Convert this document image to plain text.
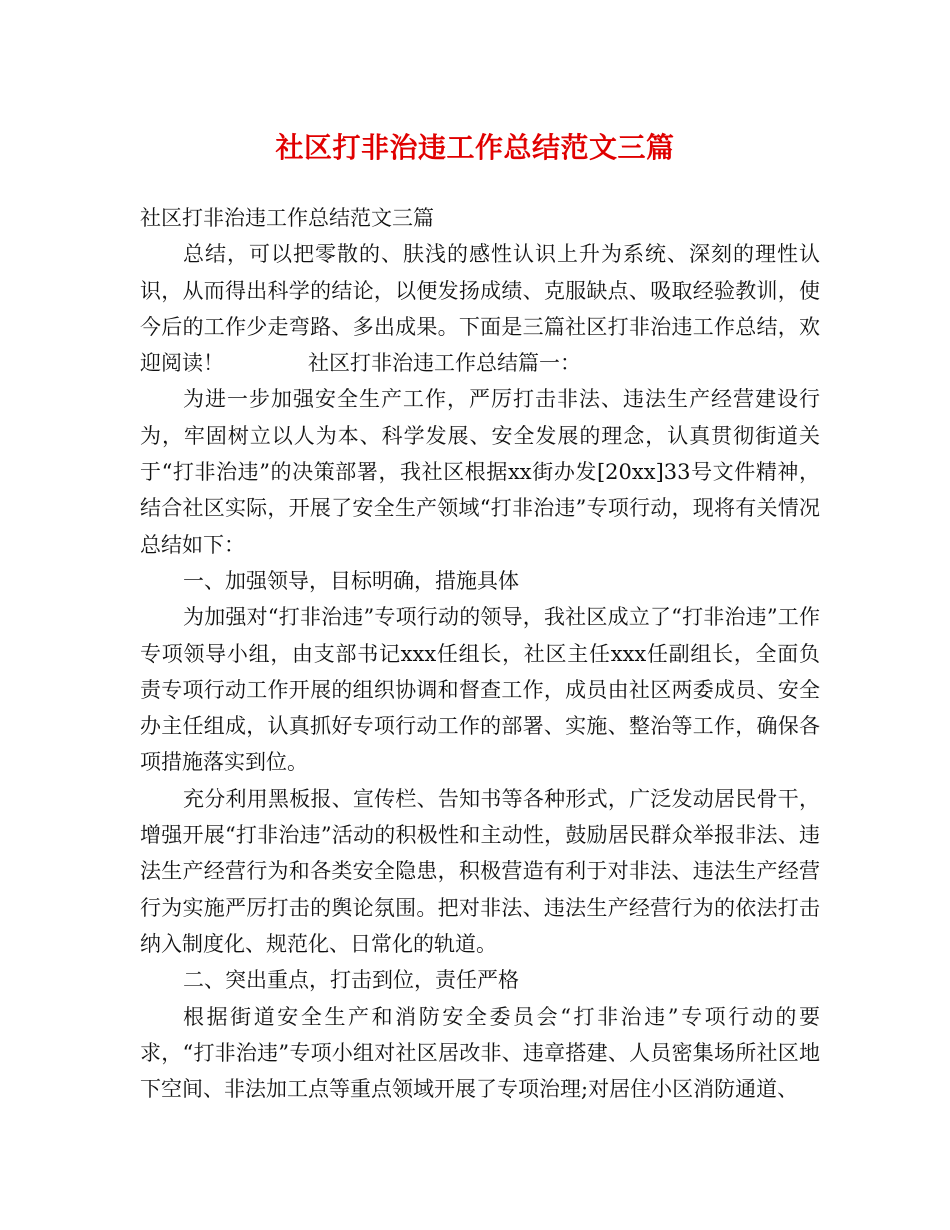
社区打非治违工作总结范文三篇

社区打非治违工作总结范文三篇

总结，可以把零散的、肤浅的感性认识上升为系统、深刻的理性认识，从而得出科学的结论，以便发扬成绩、克服缺点、吸取经验教训，使今后的工作少走弯路、多出成果。下面是三篇社区打非治违工作总结，欢迎阅读！　　　　社区打非治违工作总结篇一：

为进一步加强安全生产工作，严厉打击非法、违法生产经营建设行为，牢固树立以人为本、科学发展、安全发展的理念，认真贯彻街道关于“打非治违”的决策部署，我社区根据xx街办发[20xx]33号文件精神，结合社区实际，开展了安全生产领域“打非治违”专项行动，现将有关情况总结如下：

一、加强领导，目标明确，措施具体

为加强对“打非治违”专项行动的领导，我社区成立了“打非治违”工作专项领导小组，由支部书记xxx任组长，社区主任xxx任副组长，全面负责专项行动工作开展的组织协调和督查工作，成员由社区两委成员、安全办主任组成，认真抓好专项行动工作的部署、实施、整治等工作，确保各项措施落实到位。

充分利用黑板报、宣传栏、告知书等各种形式，广泛发动居民骨干，增强开展“打非治违”活动的积极性和主动性，鼓励居民群众举报非法、违法生产经营行为和各类安全隐患，积极营造有利于对非法、违法生产经营行为实施严厉打击的舆论氛围。把对非法、违法生产经营行为的依法打击纳入制度化、规范化、日常化的轨道。

二、突出重点，打击到位，责任严格

根据街道安全生产和消防安全委员会“打非治违”专项行动的要求，“打非治违”专项小组对社区居改非、违章搭建、人员密集场所社区地下空间、非法加工点等重点领域开展了专项治理;对居住小区消防通道、
